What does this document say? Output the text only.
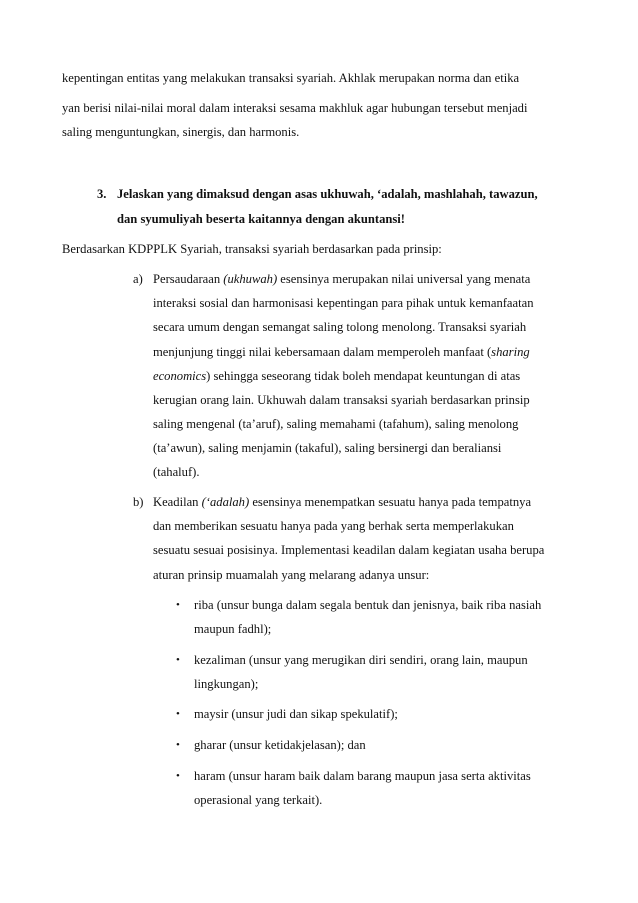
kepentingan entitas yang melakukan transaksi syariah. Akhlak merupakan norma dan etika
yan berisi nilai-nilai moral dalam interaksi sesama makhluk agar hubungan tersebut menjadi
saling menguntungkan, sinergis, dan harmonis.
3. Jelaskan yang dimaksud dengan asas ukhuwah, ‘adalah, mashlahah, tawazun,
dan syumuliyah beserta kaitannya dengan akuntansi!
Berdasarkan KDPPLK Syariah, transaksi syariah berdasarkan pada prinsip:
a) Persaudaraan (ukhuwah) esensinya merupakan nilai universal yang menata
interaksi sosial dan harmonisasi kepentingan para pihak untuk kemanfaatan
secara umum dengan semangat saling tolong menolong. Transaksi syariah
menjunjung tinggi nilai kebersamaan dalam memperoleh manfaat (sharing
economics) sehingga seseorang tidak boleh mendapat keuntungan di atas
kerugian orang lain. Ukhuwah dalam transaksi syariah berdasarkan prinsip
saling mengenal (ta’aruf), saling memahami (tafahum), saling menolong
(ta’awun), saling menjamin (takaful), saling bersinergi dan beraliansi
(tahaluf).
b) Keadilan (‘adalah) esensinya menempatkan sesuatu hanya pada tempatnya
dan memberikan sesuatu hanya pada yang berhak serta memperlakukan
sesuatu sesuai posisinya. Implementasi keadilan dalam kegiatan usaha berupa
aturan prinsip muamalah yang melarang adanya unsur:
• riba (unsur bunga dalam segala bentuk dan jenisnya, baik riba nasiah
maupun fadhl);
• kezaliman (unsur yang merugikan diri sendiri, orang lain, maupun
lingkungan);
• maysir (unsur judi dan sikap spekulatif);
• gharar (unsur ketidakjelasan); dan
• haram (unsur haram baik dalam barang maupun jasa serta aktivitas
operasional yang terkait).
